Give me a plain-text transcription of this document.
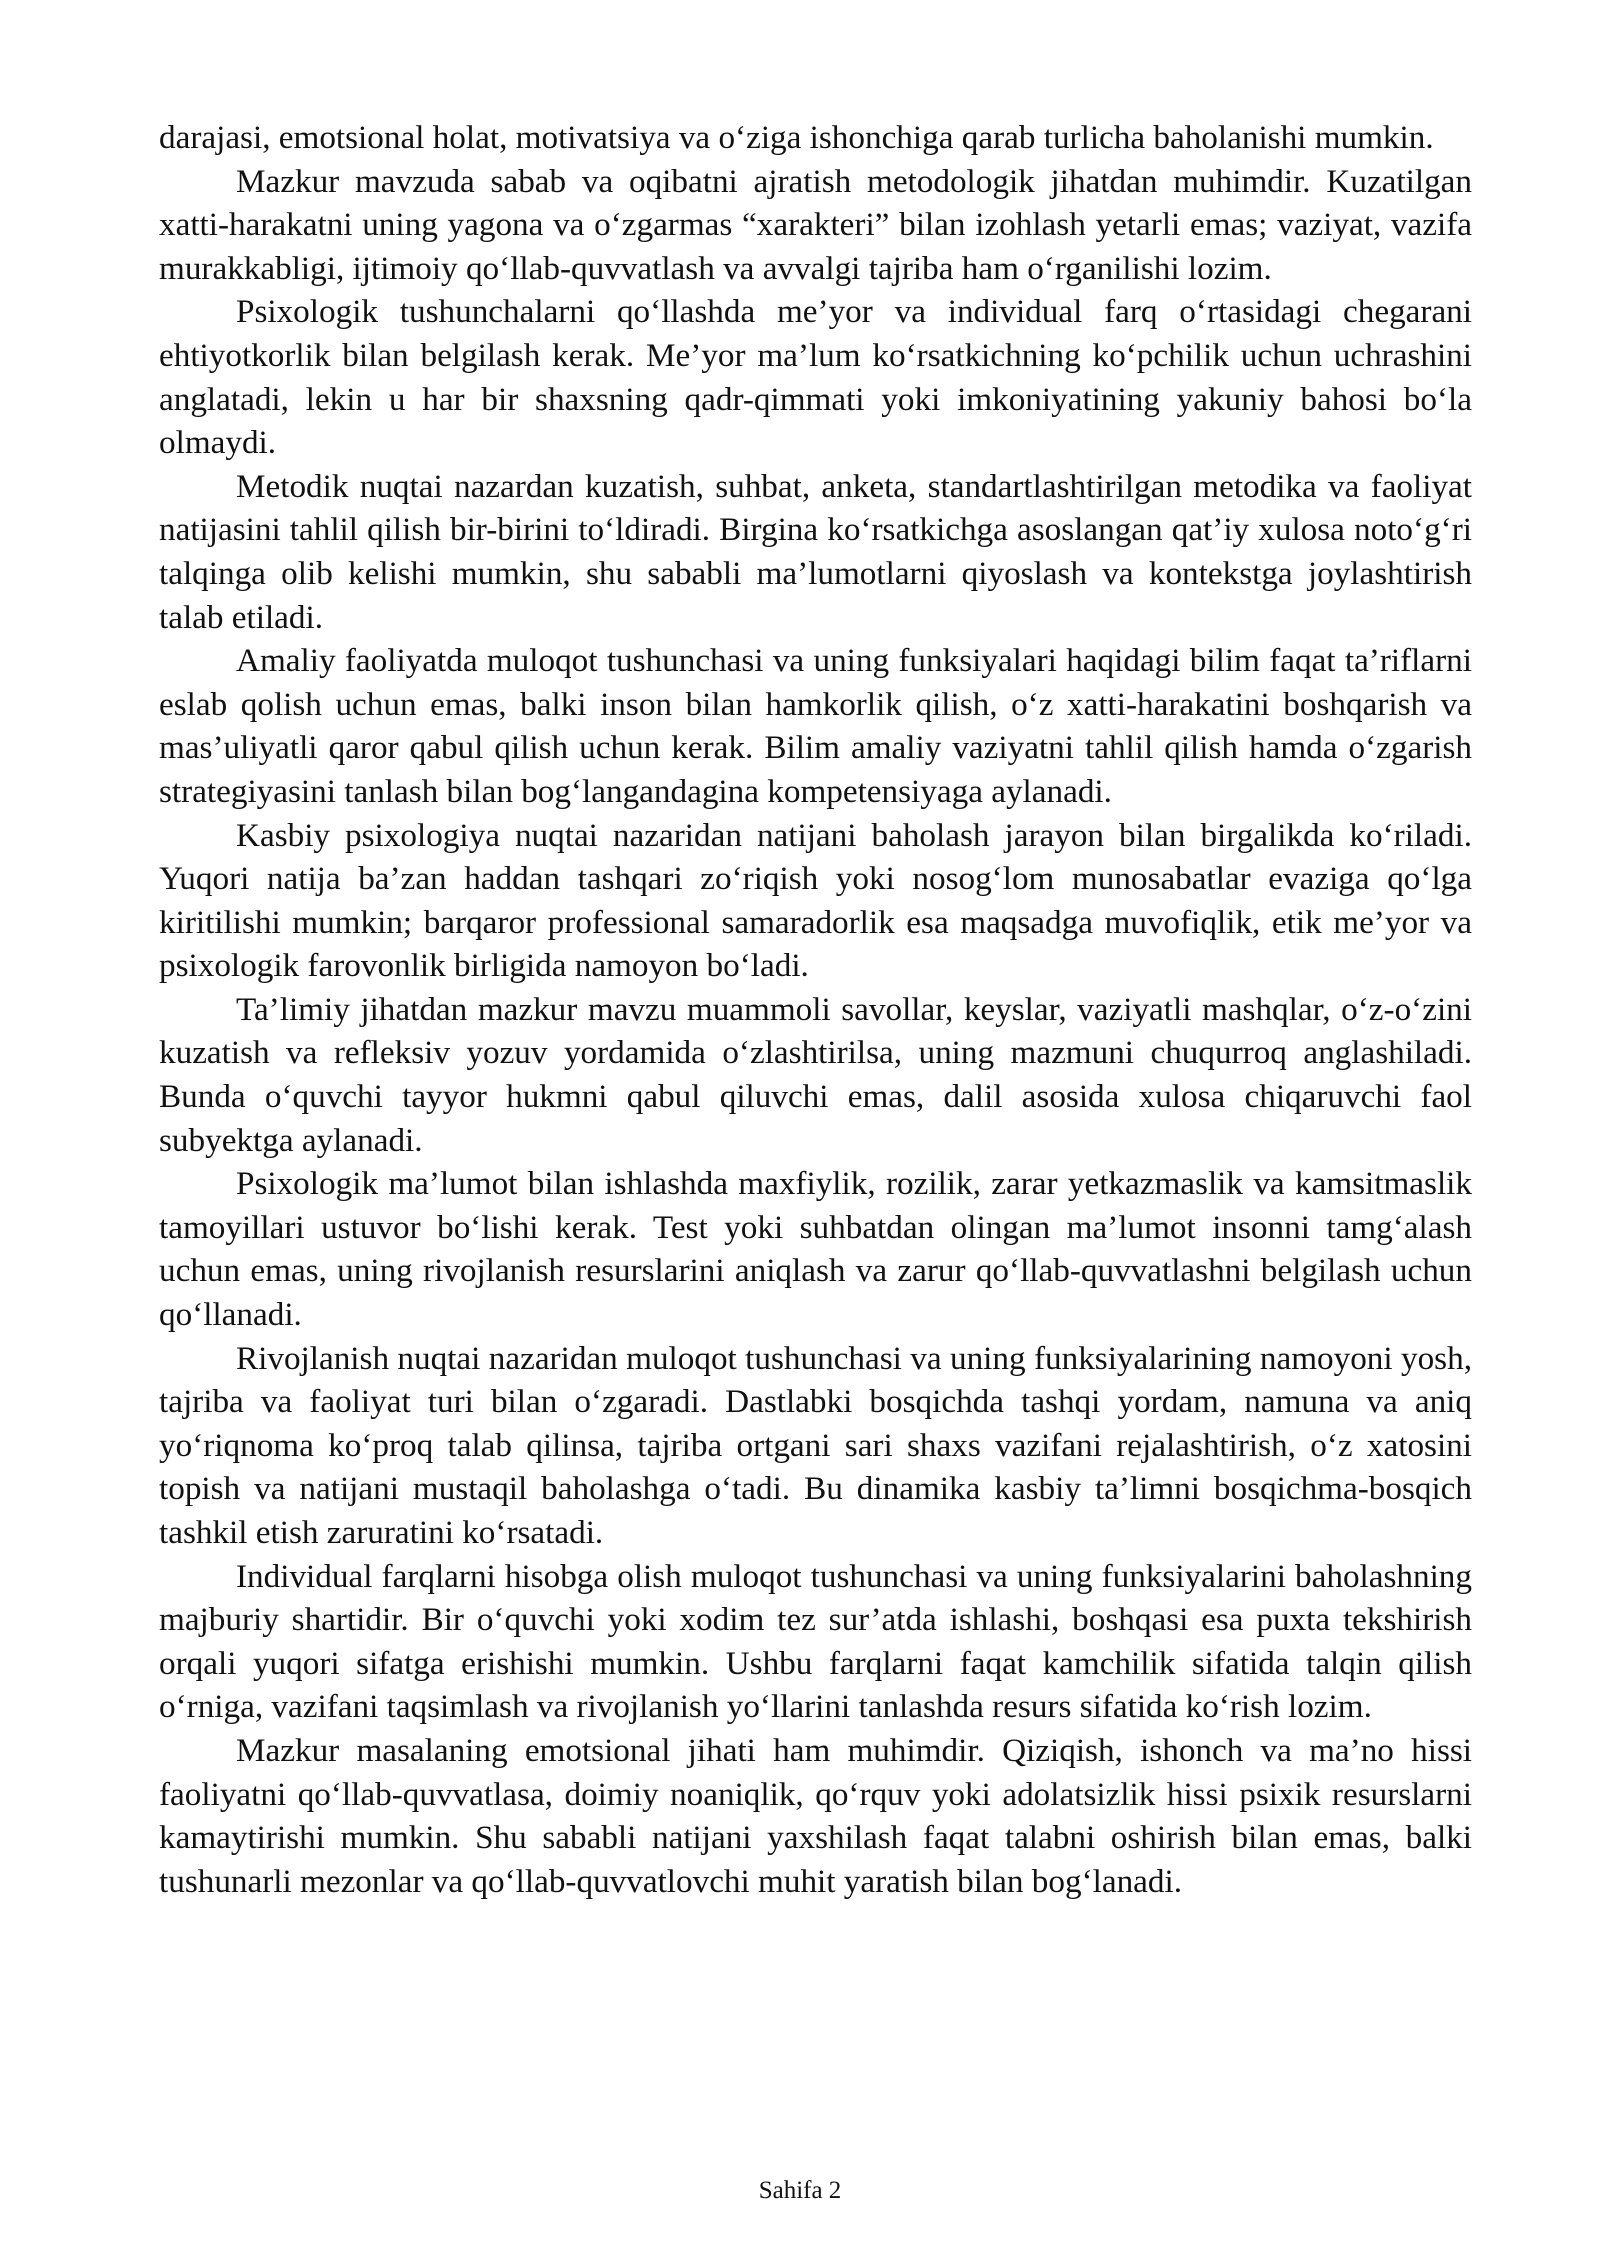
darajasi, emotsional holat, motivatsiya va oʻziga ishonchiga qarab turlicha baholanishi mumkin.

Mazkur mavzuda sabab va oqibatni ajratish metodologik jihatdan muhimdir. Kuzatilgan xatti-harakatni uning yagona va oʻzgarmas “xarakteri” bilan izohlash yetarli emas; vaziyat, vazifa murakkabligi, ijtimoiy qoʻllab-quvvatlash va avvalgi tajriba ham oʻrganilishi lozim.

Psixologik tushunchalarni qoʻllashda me’yor va individual farq oʻrtasidagi chegarani ehtiyotkorlik bilan belgilash kerak. Me’yor ma’lum koʻrsatkichning koʻpchilik uchun uchrashini anglatadi, lekin u har bir shaxsning qadr-qimmati yoki imkoniyatining yakuniy bahosi boʻla olmaydi.

Metodik nuqtai nazardan kuzatish, suhbat, anketa, standartlashtirilgan metodika va faoliyat natijasini tahlil qilish bir-birini toʻldiradi. Birgina koʻrsatkichga asoslangan qat’iy xulosa notoʻgʻri talqinga olib kelishi mumkin, shu sababli ma’lumotlarni qiyoslash va kontekstga joylashtirish talab etiladi.

Amaliy faoliyatda muloqot tushunchasi va uning funksiyalari haqidagi bilim faqat ta’riflarni eslab qolish uchun emas, balki inson bilan hamkorlik qilish, oʻz xatti-harakatini boshqarish va mas’uliyatli qaror qabul qilish uchun kerak. Bilim amaliy vaziyatni tahlil qilish hamda oʻzgarish strategiyasini tanlash bilan bogʻlangandagina kompetensiyaga aylanadi.

Kasbiy psixologiya nuqtai nazaridan natijani baholash jarayon bilan birgalikda koʻriladi. Yuqori natija ba’zan haddan tashqari zoʻriqish yoki nosogʻlom munosabatlar evaziga qoʻlga kiritilishi mumkin; barqaror professional samaradorlik esa maqsadga muvofiqlik, etik me’yor va psixologik farovonlik birligida namoyon boʻladi.

Ta’limiy jihatdan mazkur mavzu muammoli savollar, keyslar, vaziyatli mashqlar, oʻz-oʻzini kuzatish va refleksiv yozuv yordamida oʻzlashtirilsa, uning mazmuni chuqurroq anglashiladi. Bunda oʻquvchi tayyor hukmni qabul qiluvchi emas, dalil asosida xulosa chiqaruvchi faol subyektga aylanadi.

Psixologik ma’lumot bilan ishlashda maxfiylik, rozilik, zarar yetkazmaslik va kamsitmaslik tamoyillari ustuvor boʻlishi kerak. Test yoki suhbatdan olingan ma’lumot insonni tamgʻalash uchun emas, uning rivojlanish resurslarini aniqlash va zarur qoʻllab-quvvatlashni belgilash uchun qoʻllanadi.

Rivojlanish nuqtai nazaridan muloqot tushunchasi va uning funksiyalarining namoyoni yosh, tajriba va faoliyat turi bilan oʻzgaradi. Dastlabki bosqichda tashqi yordam, namuna va aniq yoʻriqnoma koʻproq talab qilinsa, tajriba ortgani sari shaxs vazifani rejalashtirish, oʻz xatosini topish va natijani mustaqil baholashga oʻtadi. Bu dinamika kasbiy ta’limni bosqichma-bosqich tashkil etish zaruratini koʻrsatadi.

Individual farqlarni hisobga olish muloqot tushunchasi va uning funksiyalarini baholashning majburiy shartidir. Bir oʻquvchi yoki xodim tez sur’atda ishlashi, boshqasi esa puxta tekshirish orqali yuqori sifatga erishishi mumkin. Ushbu farqlarni faqat kamchilik sifatida talqin qilish oʻrniga, vazifani taqsimlash va rivojlanish yoʻllarini tanlashda resurs sifatida koʻrish lozim.

Mazkur masalaning emotsional jihati ham muhimdir. Qiziqish, ishonch va ma’no hissi faoliyatni qoʻllab-quvvatlasa, doimiy noaniqlik, qoʻrquv yoki adolatsizlik hissi psixik resurslarni kamaytirishi mumkin. Shu sababli natijani yaxshilash faqat talabni oshirish bilan emas, balki tushunarli mezonlar va qoʻllab-quvvatlovchi muhit yaratish bilan bogʻlanadi.

Sahifa 2
